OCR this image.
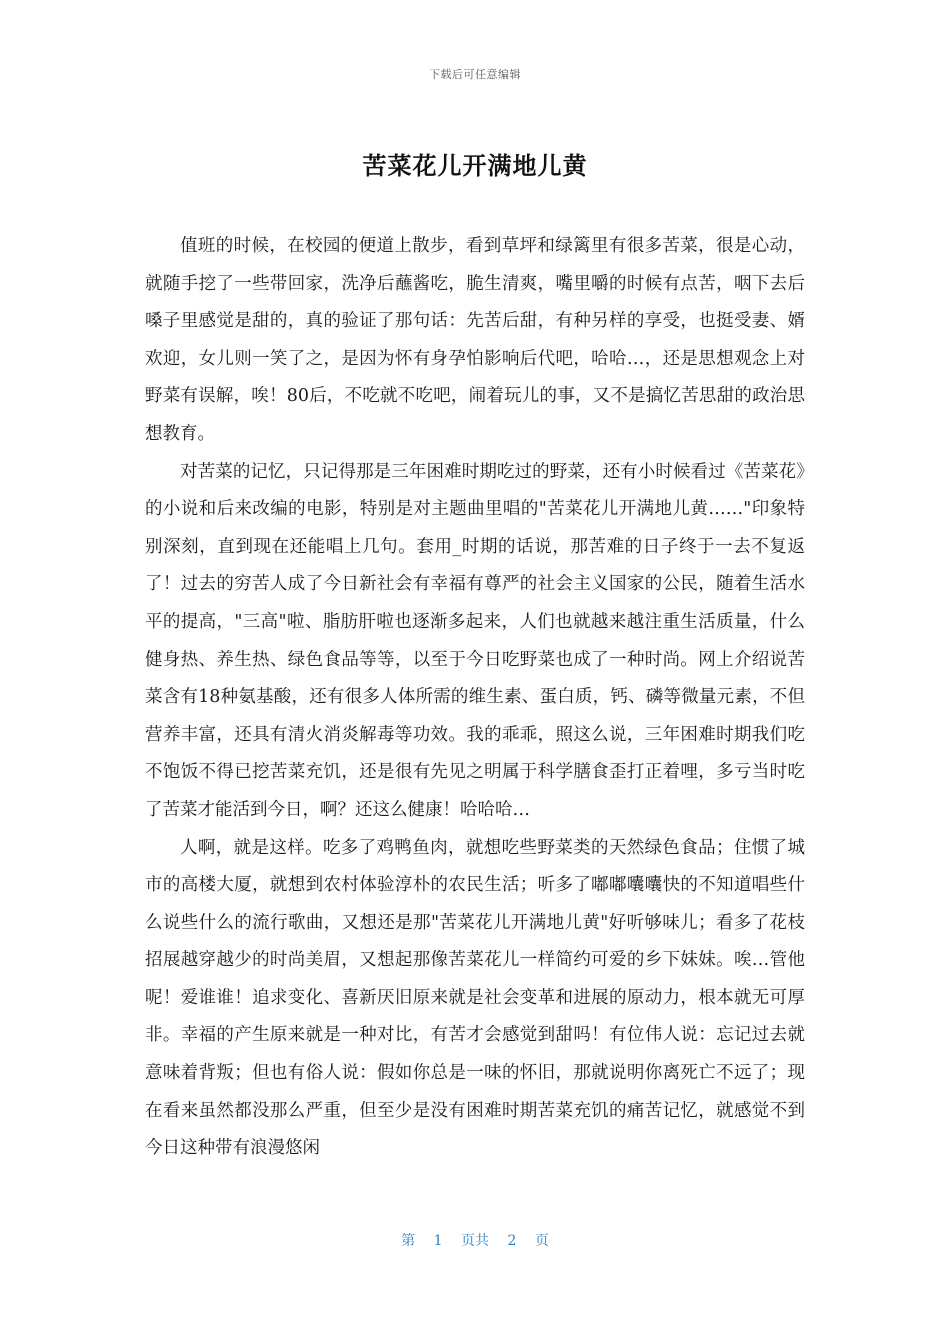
下载后可任意编辑
苦菜花儿开满地儿黄

值班的时候，在校园的便道上散步，看到草坪和绿篱里有很多苦菜，很是心动，就随手挖了一些带回家，洗净后蘸酱吃，脆生清爽，嘴里嚼的时候有点苦，咽下去后嗓子里感觉是甜的，真的验证了那句话：先苦后甜，有种另样的享受，也挺受妻、婿欢迎，女儿则一笑了之，是因为怀有身孕怕影响后代吧，哈哈…，还是思想观念上对野菜有误解，唉！80后，不吃就不吃吧，闹着玩儿的事，又不是搞忆苦思甜的政治思想教育。

对苦菜的记忆，只记得那是三年困难时期吃过的野菜，还有小时候看过《苦菜花》的小说和后来改编的电影，特别是对主题曲里唱的"苦菜花儿开满地儿黄……"印象特别深刻，直到现在还能唱上几句。套用_时期的话说，那苦难的日子终于一去不复返了！过去的穷苦人成了今日新社会有幸福有尊严的社会主义国家的公民，随着生活水平的提高，"三高"啦、脂肪肝啦也逐渐多起来，人们也就越来越注重生活质量，什么健身热、养生热、绿色食品等等，以至于今日吃野菜也成了一种时尚。网上介绍说苦菜含有18种氨基酸，还有很多人体所需的维生素、蛋白质，钙、磷等微量元素，不但营养丰富，还具有清火消炎解毒等功效。我的乖乖，照这么说，三年困难时期我们吃不饱饭不得已挖苦菜充饥，还是很有先见之明属于科学膳食歪打正着哩，多亏当时吃了苦菜才能活到今日，啊？还这么健康！哈哈哈…

人啊，就是这样。吃多了鸡鸭鱼肉，就想吃些野菜类的天然绿色食品；住惯了城市的高楼大厦，就想到农村体验淳朴的农民生活；听多了嘟嘟囔囔快的不知道唱些什么说些什么的流行歌曲，又想还是那"苦菜花儿开满地儿黄"好听够味儿；看多了花枝招展越穿越少的时尚美眉，又想起那像苦菜花儿一样简约可爱的乡下妹妹。唉…管他呢！爱谁谁！追求变化、喜新厌旧原来就是社会变革和进展的原动力，根本就无可厚非。幸福的产生原来就是一种对比，有苦才会感觉到甜吗！有位伟人说：忘记过去就意味着背叛；但也有俗人说：假如你总是一味的怀旧，那就说明你离死亡不远了；现在看来虽然都没那么严重，但至少是没有困难时期苦菜充饥的痛苦记忆，就感觉不到今日这种带有浪漫悠闲

第 1 页共 2 页
